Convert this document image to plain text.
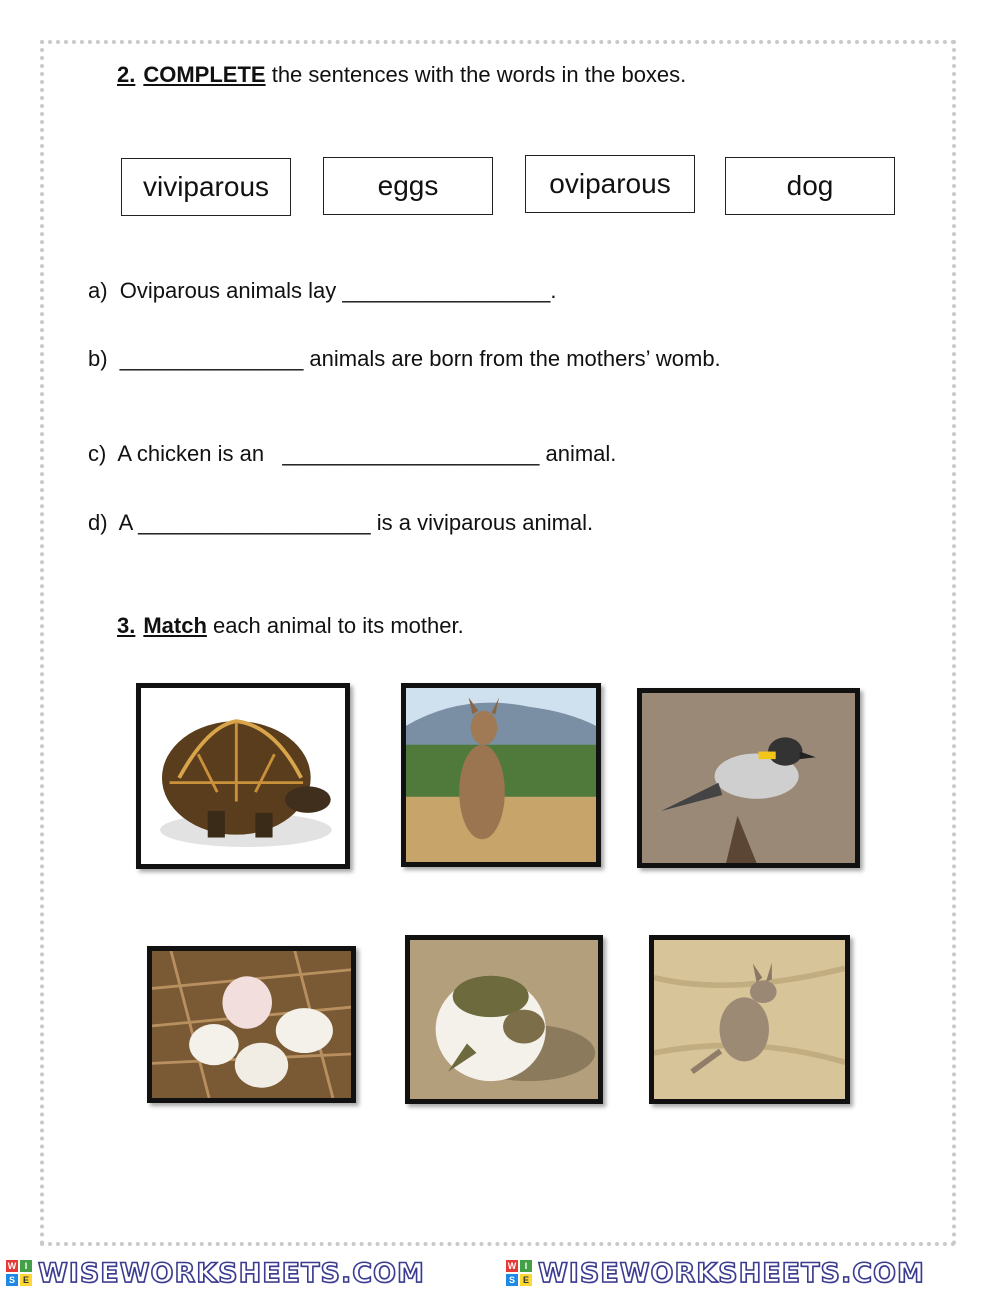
2. COMPLETE the sentences with the words in the boxes.
viviparous	eggs	oviparous	dog
a)  Oviparous animals lay _________________.
b)  _______________ animals are born from the mothers’ womb.
c)  A chicken is an   _____________________ animal.
d)  A ___________________ is a viviparous animal.
3. Match each animal to its mother.
W I
S E WISEWORKSHEETS.COM	W I
S E WISEWORKSHEETS.COM
